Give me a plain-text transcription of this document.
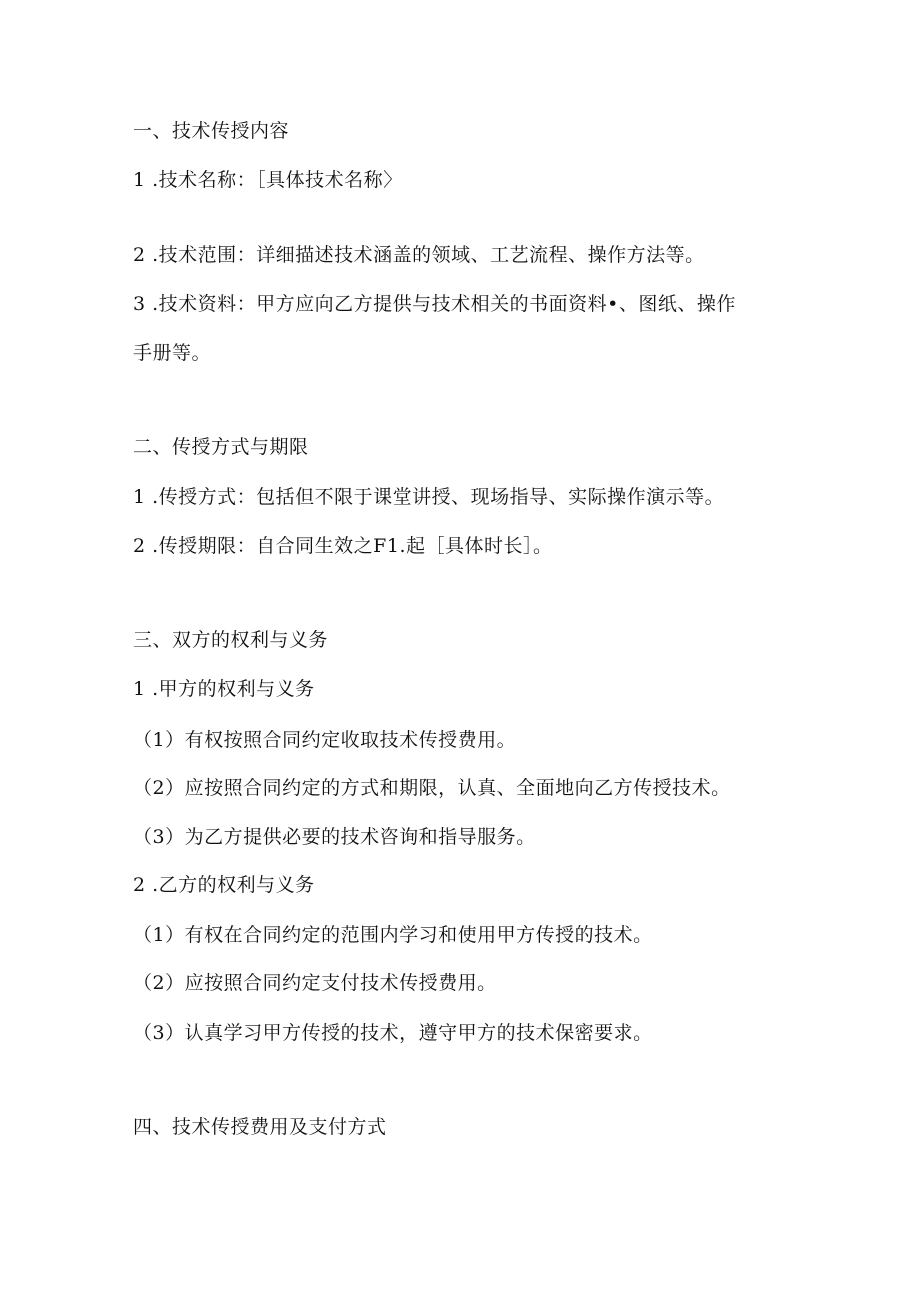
一、技术传授内容
1 .技术名称：［具体技术名称〉
2 .技术范围：详细描述技术涵盖的领域、工艺流程、操作方法等。
3 .技术资料：甲方应向乙方提供与技术相关的书面资料•、图纸、操作
手册等。
二、传授方式与期限
1 .传授方式：包括但不限于课堂讲授、现场指导、实际操作演示等。
2 .传授期限：自合同生效之F1.起［具体时长］。
三、双方的权利与义务
1 .甲方的权利与义务
（1）有权按照合同约定收取技术传授费用。
（2）应按照合同约定的方式和期限，认真、全面地向乙方传授技术。
（3）为乙方提供必要的技术咨询和指导服务。
2 .乙方的权利与义务
（1）有权在合同约定的范围内学习和使用甲方传授的技术。
（2）应按照合同约定支付技术传授费用。
（3）认真学习甲方传授的技术，遵守甲方的技术保密要求。
四、技术传授费用及支付方式
